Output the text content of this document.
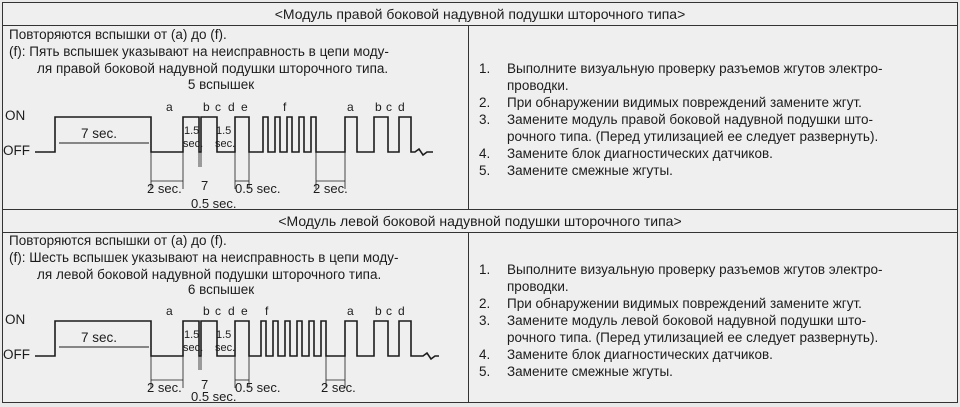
<Модуль правой боковой надувной подушки шторочного типа>
Повторяются вспышки от (a) до (f).
(f): Пять вспышек указывают на неисправность в цепи моду-
ля правой боковой надувной подушки шторочного типа.
5 вспышек
ON
OFF
a	b c d e	f	a b c d
1.5
sec.
1.5
sec.
7 sec.
2 sec. 7 0.5 sec.
0.5 sec.
2 sec.
1.	Выполните визуальную проверку разъемов жгутов электро-
проводки.
2.	При обнаружении видимых повреждений замените жгут.
3.	Замените модуль правой боковой надувной подушки што-
рочного типа. (Перед утилизацией ее следует развернуть).
4.	Замените блок диагностических датчиков.
5.	Замените смежные жгуты.
<Модуль левой боковой надувной подушки шторочного типа>
Повторяются вспышки от (a) до (f).
(f): Шесть вспышек указывают на неисправность в цепи моду-
ля левой боковой надувной подушки шторочного типа.
6 вспышек
ON
OFF
a	b c d e f	a b c d
1.5
sec.
1.5
sec.
7 sec.
2 sec. 7 0.5 sec.
0.5 sec.
2 sec.
1.	Выполните визуальную проверку разъемов жгутов электро-
проводки.
2.	При обнаружении видимых повреждений замените жгут.
3.	Замените модуль левой боковой надувной подушки што-
рочного типа. (Перед утилизацией ее следует развернуть).
4.	Замените блок диагностических датчиков.
5.	Замените смежные жгуты.
